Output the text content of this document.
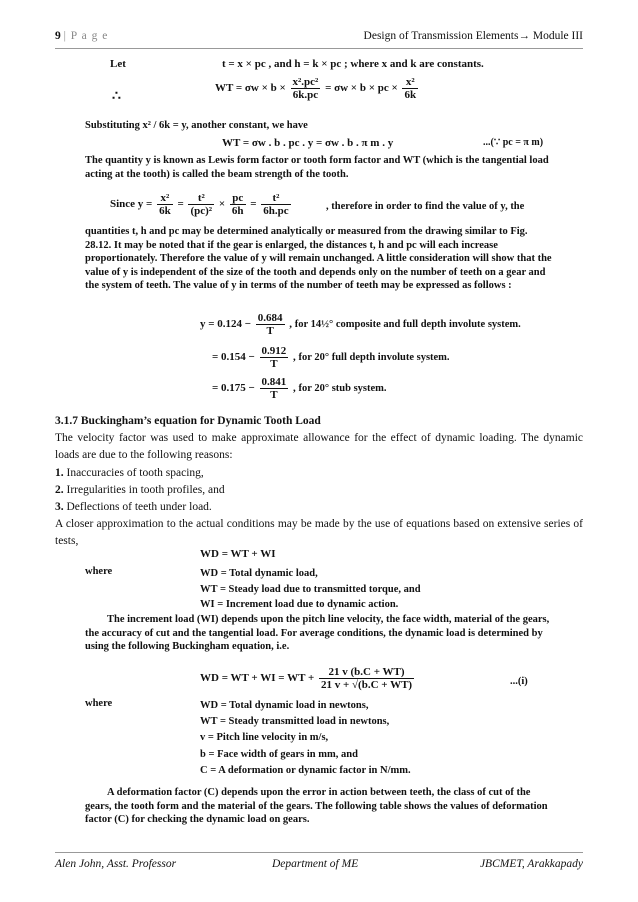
9 | P a g e	Design of Transmission Elements→ Module III
Let	t = x × pc , and h = k × pc ; where x and k are constants.
∴
WT = $\sigma w \times b \times \frac{\text{x².pc²}}{6k.pc} = \sigma w \times b$ × pc × $\frac{\text{x²}}{6k}$
Substituting x² / 6k = y, another constant, we have
WT = σw . b . pc . y = σw . b . π m . y	...(∵ pc = π m)
The quantity y is known as Lewis form factor or tooth form factor and WT (which is the tangential load acting at the tooth) is called the beam strength of the tooth.
Since $y = \frac{\text{x²}}{6k} = \frac{\text{t²}}{\text{(pc)²}} \times \frac{pc}{6h} = \frac{\text{t²}}{6h.pc}$	, therefore in order to find the value of y, the
quantities t, h and pc may be determined analytically or measured from the drawing similar to Fig. 28.12. It may be noted that if the gear is enlarged, the distances t, h and pc will each increase proportionately. Therefore the value of y will remain unchanged. A little consideration will show that the value of y is independent of the size of the tooth and depends only on the number of teeth on a gear and the system of teeth. The value of y in terms of the number of teeth may be expressed as follows :
$y = 0.124 - \frac{0.684}{T}$ , for 14½° composite and full depth involute system.
= $0.154 - \frac{0.912}{T}$ , for 20° full depth involute system.
= $0.175 - \frac{0.841}{T}$ , for 20° stub system.
3.1.7 Buckingham’s equation for Dynamic Tooth Load
The velocity factor was used to make approximate allowance for the effect of dynamic loading. The dynamic loads are due to the following reasons:
1. Inaccuracies of tooth spacing,
2. Irregularities in tooth profiles, and
3. Deflections of teeth under load.
A closer approximation to the actual conditions may be made by the use of equations based on extensive series of tests,
WD = WT + WI
where	WD = Total dynamic load,
WT = Steady load due to transmitted torque, and
WI = Increment load due to dynamic action.
The increment load (WI) depends upon the pitch line velocity, the face width, material of the gears, the accuracy of cut and the tangential load. For average conditions, the dynamic load is determined by using the following Buckingham equation, i.e.
WD = WT + WI = WT + $\frac{21 v (b.C + WT)}{21 v + √(b.C + WT)}$	...(i)
where	WD = Total dynamic load in newtons,
WT = Steady transmitted load in newtons,
v = Pitch line velocity in m/s,
b = Face width of gears in mm, and
C = A deformation or dynamic factor in N/mm.
A deformation factor (C) depends upon the error in action between teeth, the class of cut of the gears, the tooth form and the material of the gears. The following table shows the values of deformation factor (C) for checking the dynamic load on gears.
Alen John, Asst. Professor	Department of ME	JBCMET, Arakkapady
